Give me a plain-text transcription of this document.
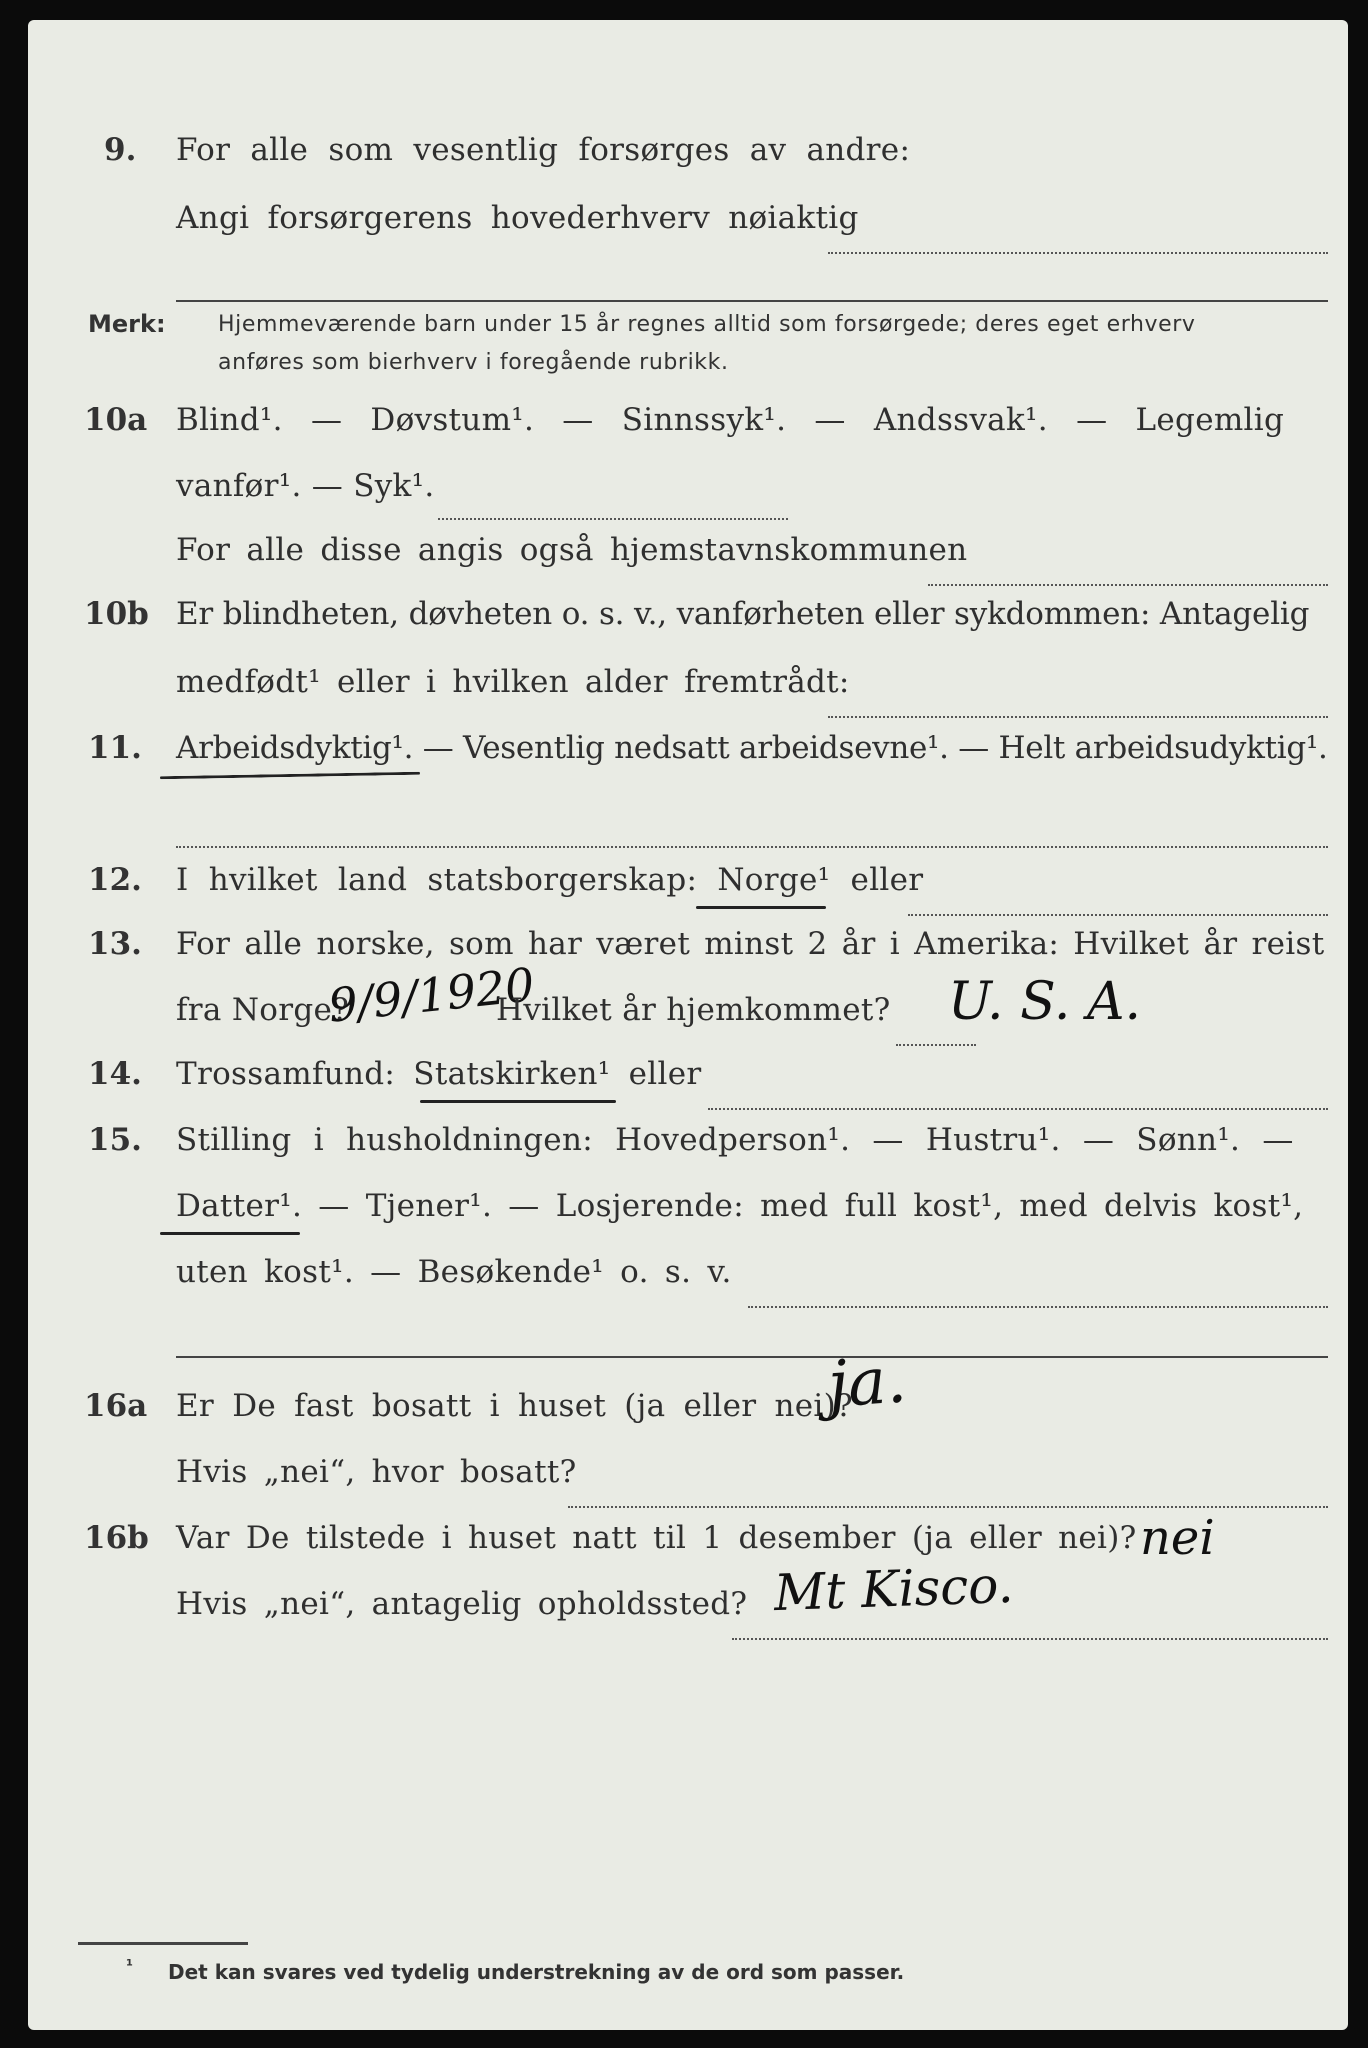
9. For alle som vesentlig forsørges av andre:
Angi forsørgerens hovederhverv nøiaktig
Merk: Hjemmeværende barn under 15 år regnes alltid som forsørgede; deres eget erhverv
anføres som bierhverv i foregående rubrikk.
10a Blind¹. — Døvstum¹. — Sinnssyk¹. — Andssvak¹. — Legemlig
vanfør¹. — Syk¹.
For alle disse angis også hjemstavnskommunen
10b Er blindheten, døvheten o. s. v., vanførheten eller sykdommen: Antagelig
medfødt¹ eller i hvilken alder fremtrådt:
11. Arbeidsdyktig¹. — Vesentlig nedsatt arbeidsevne¹. — Helt arbeidsudyktig¹.
12. I hvilket land statsborgerskap: Norge¹ eller
13. For alle norske, som har været minst 2 år i Amerika: Hvilket år reist
fra Norge?
9/9/1920
Hvilket år hjemkommet? U. S. A.
14. Trossamfund: Statskirken¹ eller
15. Stilling i husholdningen: Hovedperson¹. — Hustru¹. — Sønn¹. —
Datter¹. — Tjener¹. — Losjerende: med full kost¹, med delvis kost¹,
uten kost¹. — Besøkende¹ o. s. v.
16a Er De fast bosatt i huset (ja eller nei)?
ja.
Hvis „nei“, hvor bosatt?
16b Var De tilstede i huset natt til 1 desember (ja eller nei)? nei
Hvis „nei“, antagelig opholdssted? Mt Kisco.
¹ Det kan svares ved tydelig understrekning av de ord som passer.
